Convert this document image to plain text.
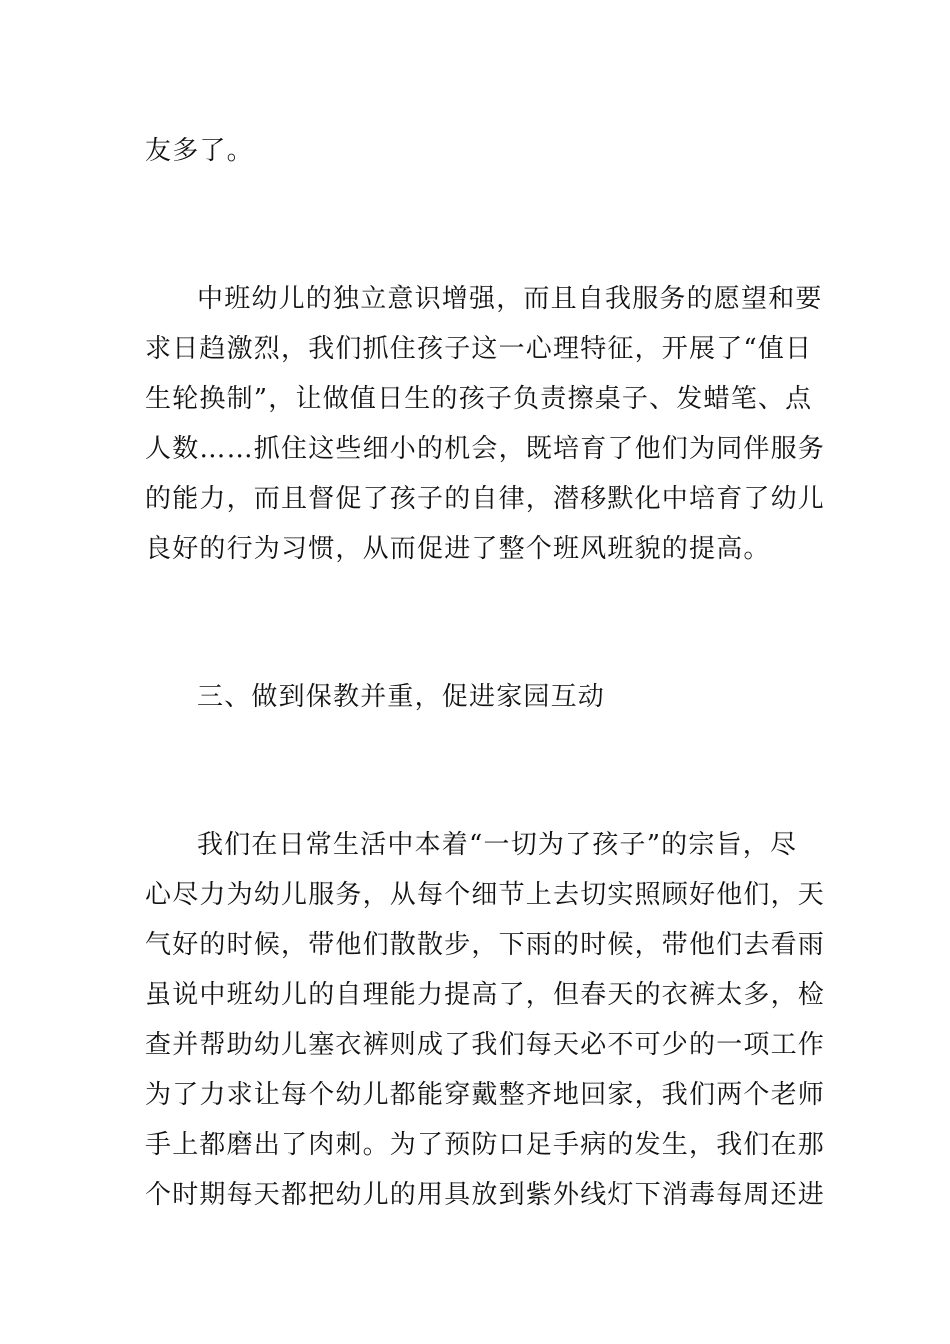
友多了。
中班幼儿的独立意识增强，而且自我服务的愿望和要
求日趋激烈，我们抓住孩子这一心理特征，开展了“值日
生轮换制”，让做值日生的孩子负责擦桌子、发蜡笔、点
人数……抓住这些细小的机会，既培育了他们为同伴服务
的能力，而且督促了孩子的自律，潜移默化中培育了幼儿
良好的行为习惯，从而促进了整个班风班貌的提高。
三、做到保教并重，促进家园互动
我们在日常生活中本着“一切为了孩子”的宗旨，尽
心尽力为幼儿服务，从每个细节上去切实照顾好他们，天
气好的时候，带他们散散步，下雨的时候，带他们去看雨
虽说中班幼儿的自理能力提高了，但春天的衣裤太多，检
查并帮助幼儿塞衣裤则成了我们每天必不可少的一项工作
为了力求让每个幼儿都能穿戴整齐地回家，我们两个老师
手上都磨出了肉刺。为了预防口足手病的发生，我们在那
个时期每天都把幼儿的用具放到紫外线灯下消毒每周还进
